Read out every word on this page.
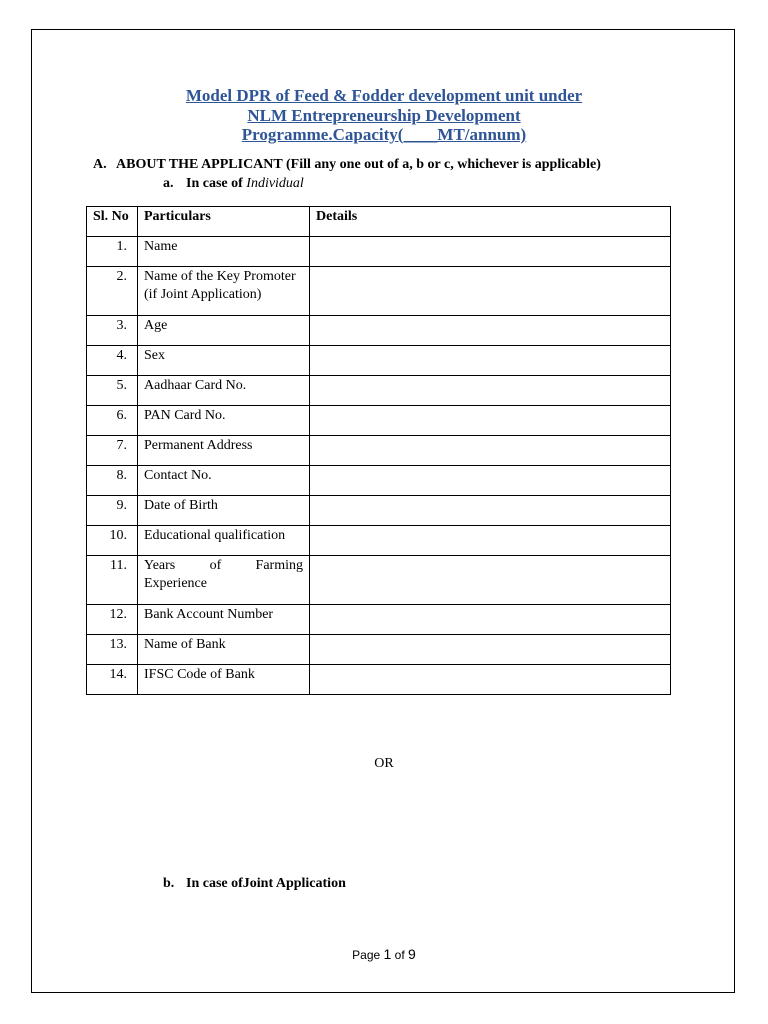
Model DPR of Feed & Fodder development unit under
NLM Entrepreneurship Development
Programme.Capacity(____MT/annum)
A. ABOUT THE APPLICANT (Fill any one out of a, b or c, whichever is applicable)
a. In case of Individual
Sl. No	Particulars	Details
1.	Name	
2.	Name of the Key Promoter (if Joint Application)	
3.	Age	
4.	Sex	
5.	Aadhaar Card No.	
6.	PAN Card No.	
7.	Permanent Address	
8.	Contact No.	
9.	Date of Birth	
10.	Educational qualification	
11.	Years of Farming
Experience	

12.	Bank Account Number	
13.	Name of Bank	
14.	IFSC Code of Bank	
OR
b. In case ofJoint Application
Page 1 of 9
